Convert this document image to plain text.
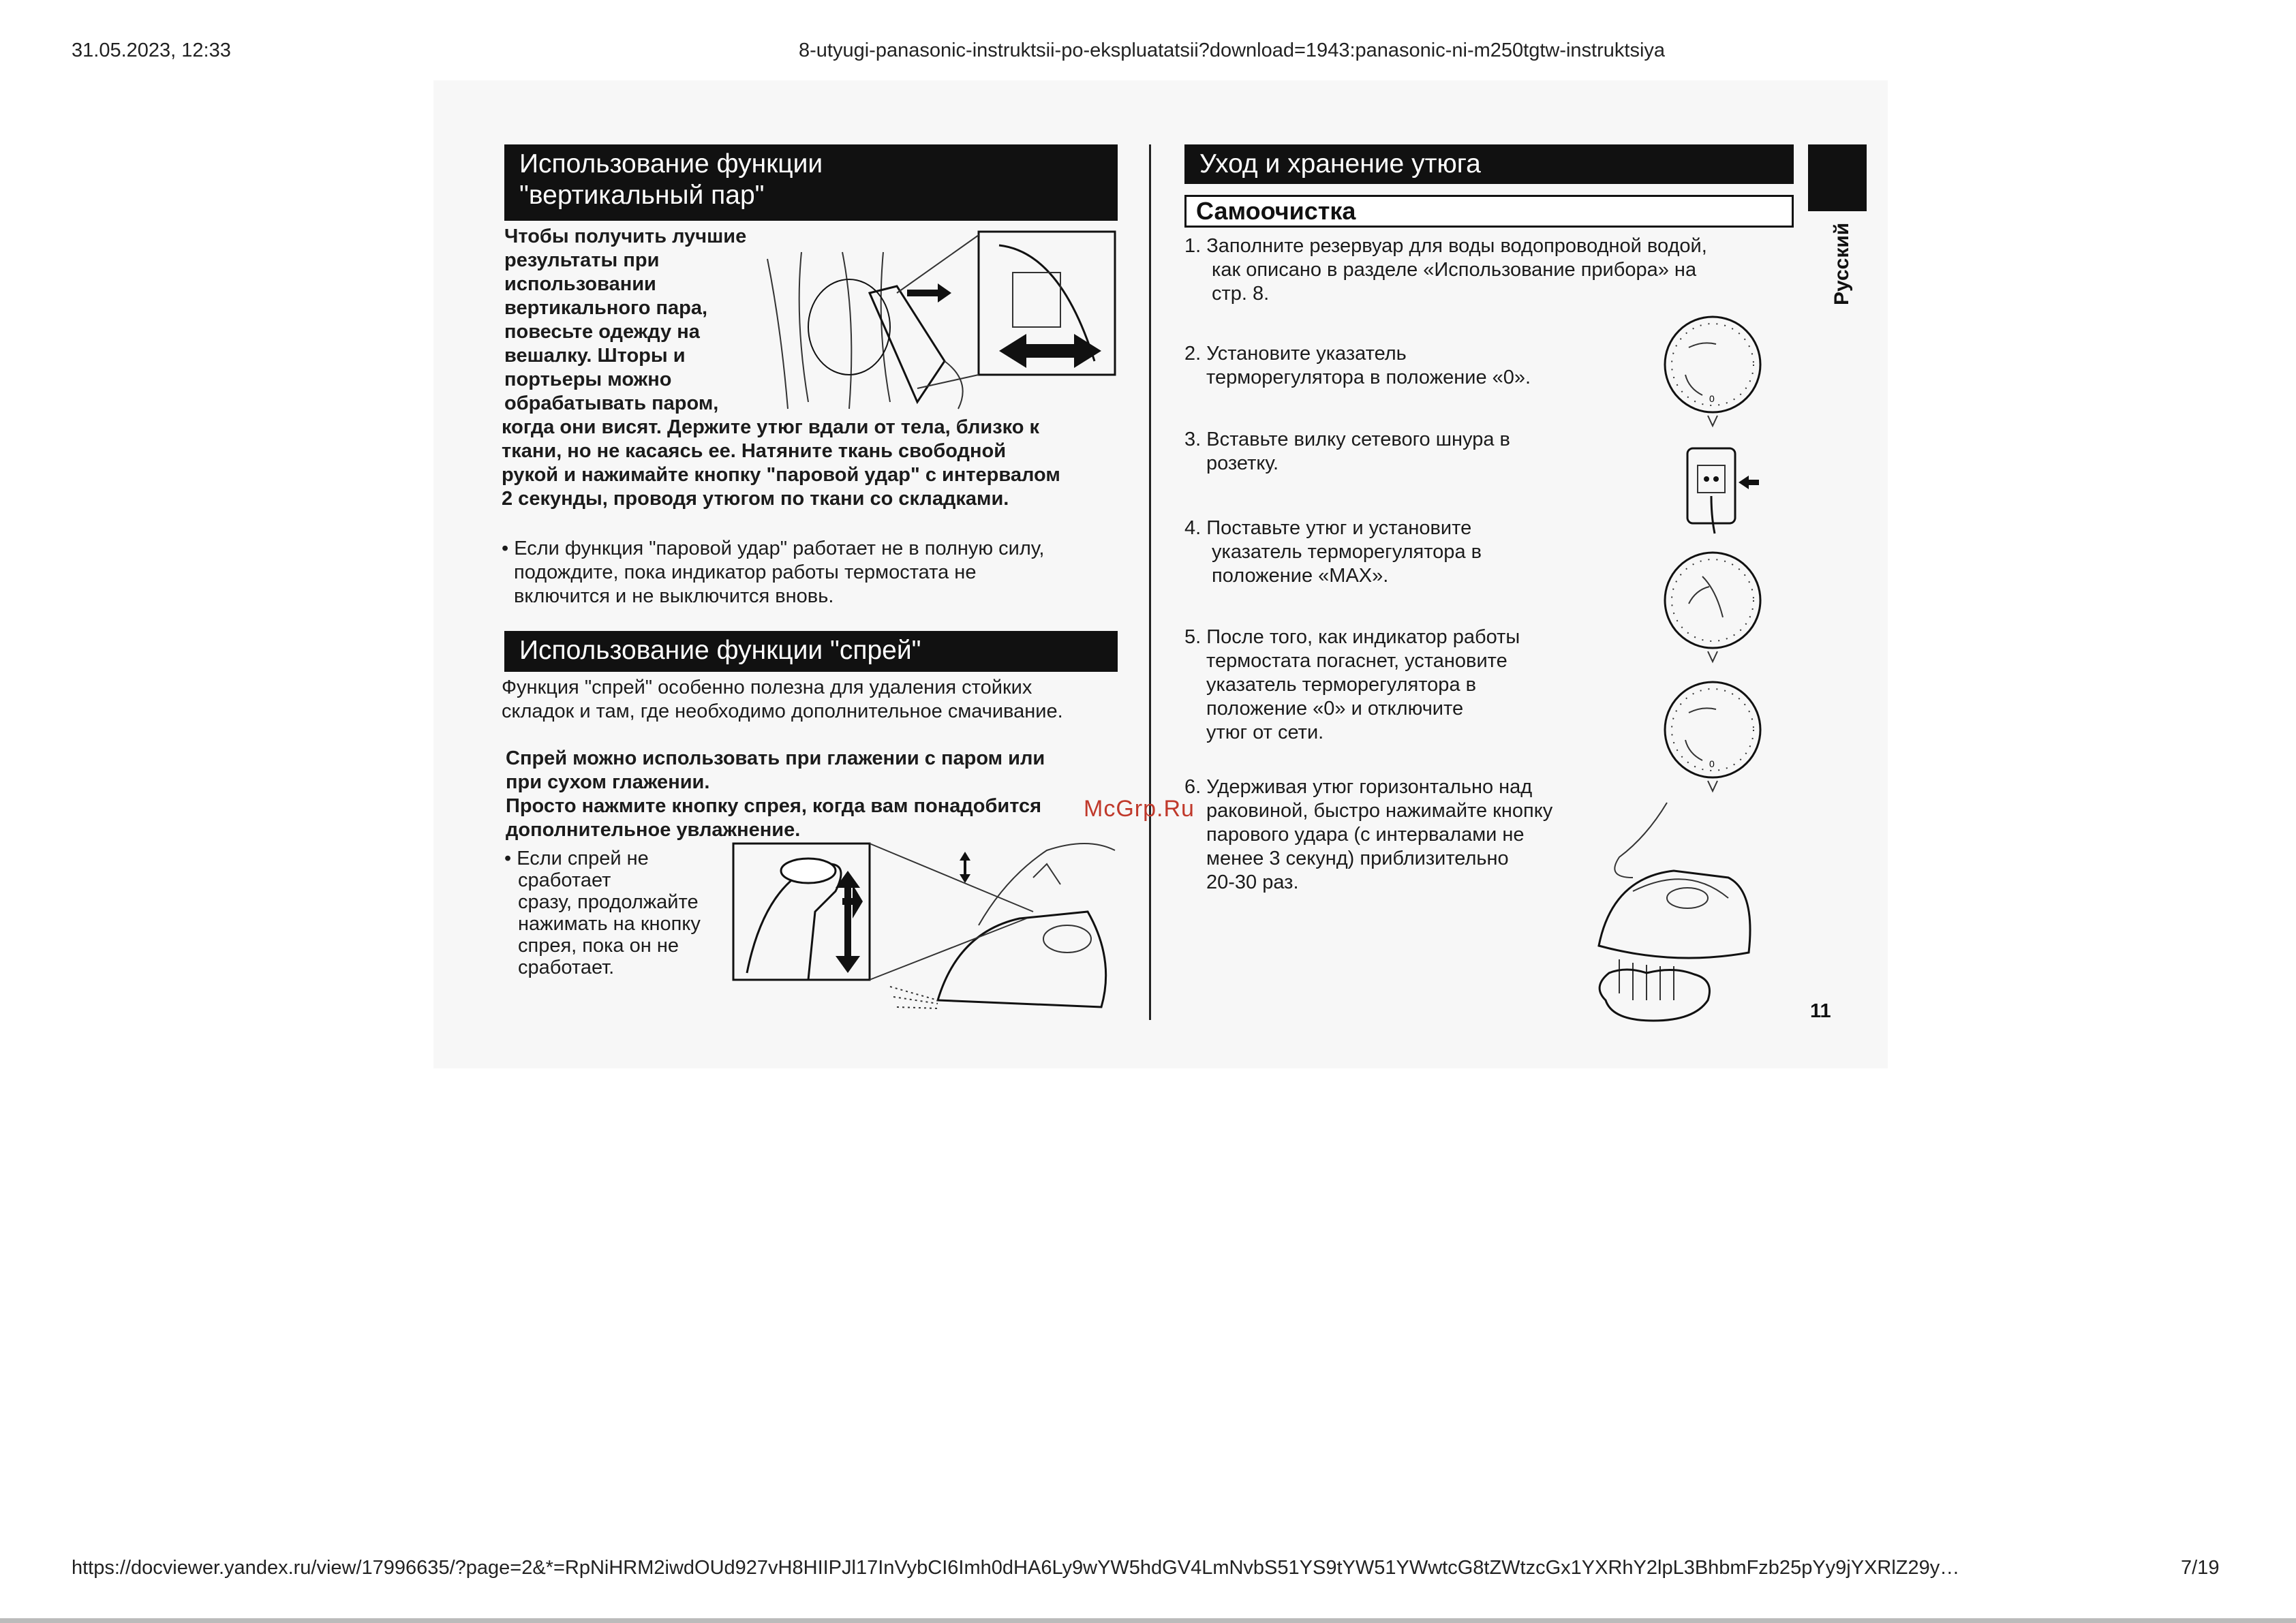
31.05.2023, 12:33	8-utyugi-panasonic-instruktsii-po-ekspluatatsii?download=1943:panasonic-ni-m250tgtw-instruktsiya
Использование функции
"вертикальный пар"
Чтобы получить лучшие
результаты при
использовании
вертикального пара,
повесьте одежду на
вешалку. Шторы и
портьеры можно
обрабатывать паром,
когда они висят. Держите утюг вдали от тела, близко к
ткани, но не касаясь ее. Натяните ткань свободной
рукой и нажимайте кнопку "паровой удар" с интервалом
2 секунды, проводя утюгом по ткани со складками.
• Если функция "паровой удар" работает не в полную силу,
подождите, пока индикатор работы термостата не
включится и не выключится вновь.
Использование функции "спрей"
Функция "спрей" особенно полезна для удаления стойких
складок и там, где необходимо дополнительное смачивание.
Спрей можно использовать при глажении с паром или
при сухом глажении.
Просто нажмите кнопку спрея, когда вам понадобится
дополнительное увлажнение.
• Если спрей не
сработает
сразу, продолжайте
нажимать на кнопку
спрея, пока он не
сработает.
Уход и хранение утюга
Самоочистка
Русский
1. Заполните резервуар для воды водопроводной водой,
как описано в разделе «Использование прибора» на
стр. 8.
2. Установите указатель
терморегулятора в положение «0».
3. Вставьте вилку сетевого шнура в
розетку.
4. Поставьте утюг и установите
указатель терморегулятора в
положение «MAX».
5. После того, как индикатор работы
термостата погаснет, установите
указатель терморегулятора в
положение «0» и отключите
утюг от сети.
6. Удерживая утюг горизонтально над
раковиной, быстро нажимайте кнопку
парового удара (с интервалами не
менее 3 секунд) приблизительно
20-30 раз.
0
0
11
McGrp.Ru
https://docviewer.yandex.ru/view/17996635/?page=2&*=RpNiHRM2iwdOUd927vH8HIIPJl17InVybCI6Imh0dHA6Ly9wYW5hdGV4LmNvbS51YS9tYW51YWwtcG8tZWtzcGx1YXRhY2lpL3BhbmFzb25pYy9jYXRlZ29y…	7/19
